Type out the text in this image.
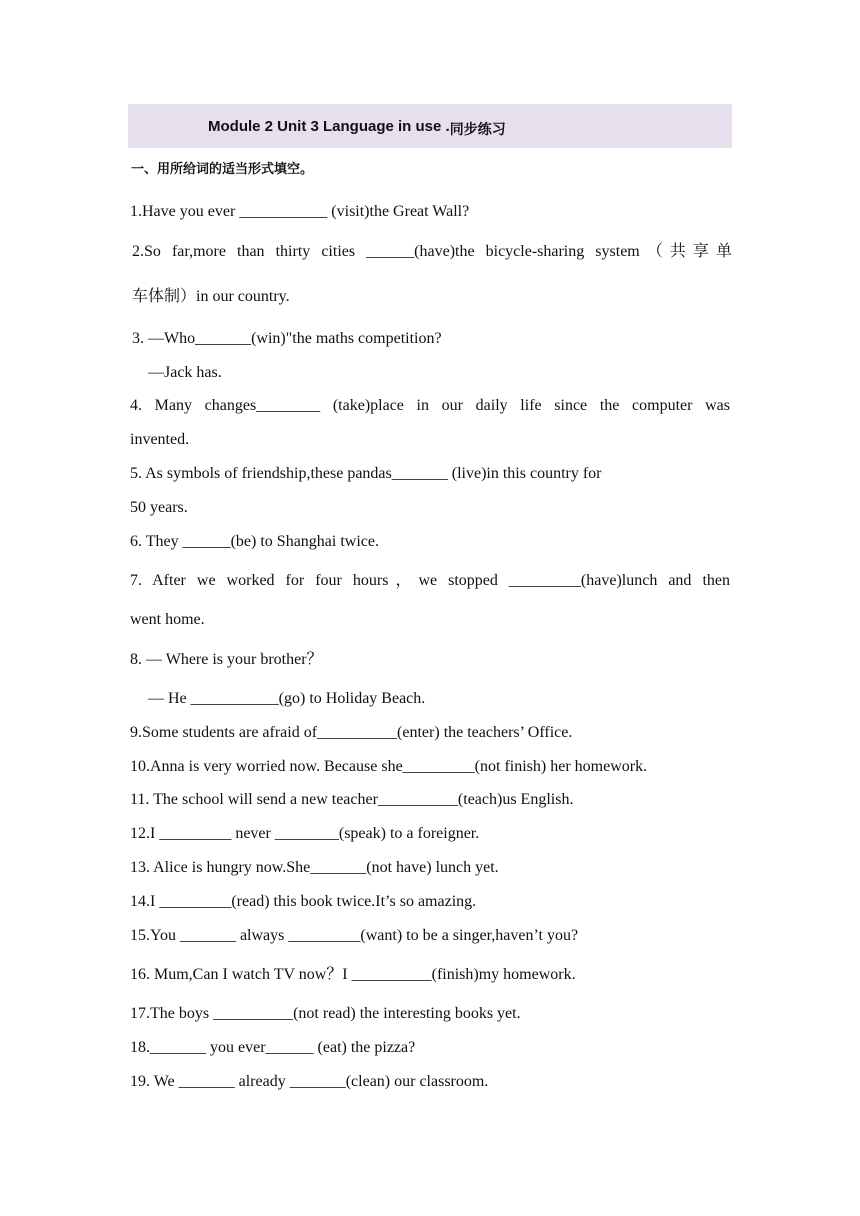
Module 2 Unit 3 Language in use .同步练习
一、用所给词的适当形式填空。
1.Have you ever ___________ (visit)the Great Wall?
2.So far,more than thirty cities ______(have)the bicycle-sharing system（共享单
车体制）in our country.
3. —Who_______(win)"the maths competition?
—Jack has.
4. Many changes________ (take)place in our daily life since the computer was
invented.
5. As symbols of friendship,these pandas_______ (live)in this country for
50 years.
6. They ______(be) to Shanghai twice.
7. After we worked for four hours，we stopped _________(have)lunch and then
went home.
8. — Where is your brother？
— He ___________(go) to Holiday Beach.
9.Some students are afraid of__________(enter) the teachers’ Office.
10.Anna is very worried now. Because she_________(not finish) her homework.
11. The school will send a new teacher__________(teach)us English.
12.I _________ never ________(speak) to a foreigner.
13. Alice is hungry now.She_______(not have) lunch yet.
14.I _________(read) this book twice.It’s so amazing.
15.You _______ always _________(want) to be a singer,haven’t you?
16. Mum,Can I watch TV now？I __________(finish)my homework.
17.The boys __________(not read) the interesting books yet.
18._______ you ever______ (eat) the pizza?
19. We _______ already _______(clean) our classroom.
